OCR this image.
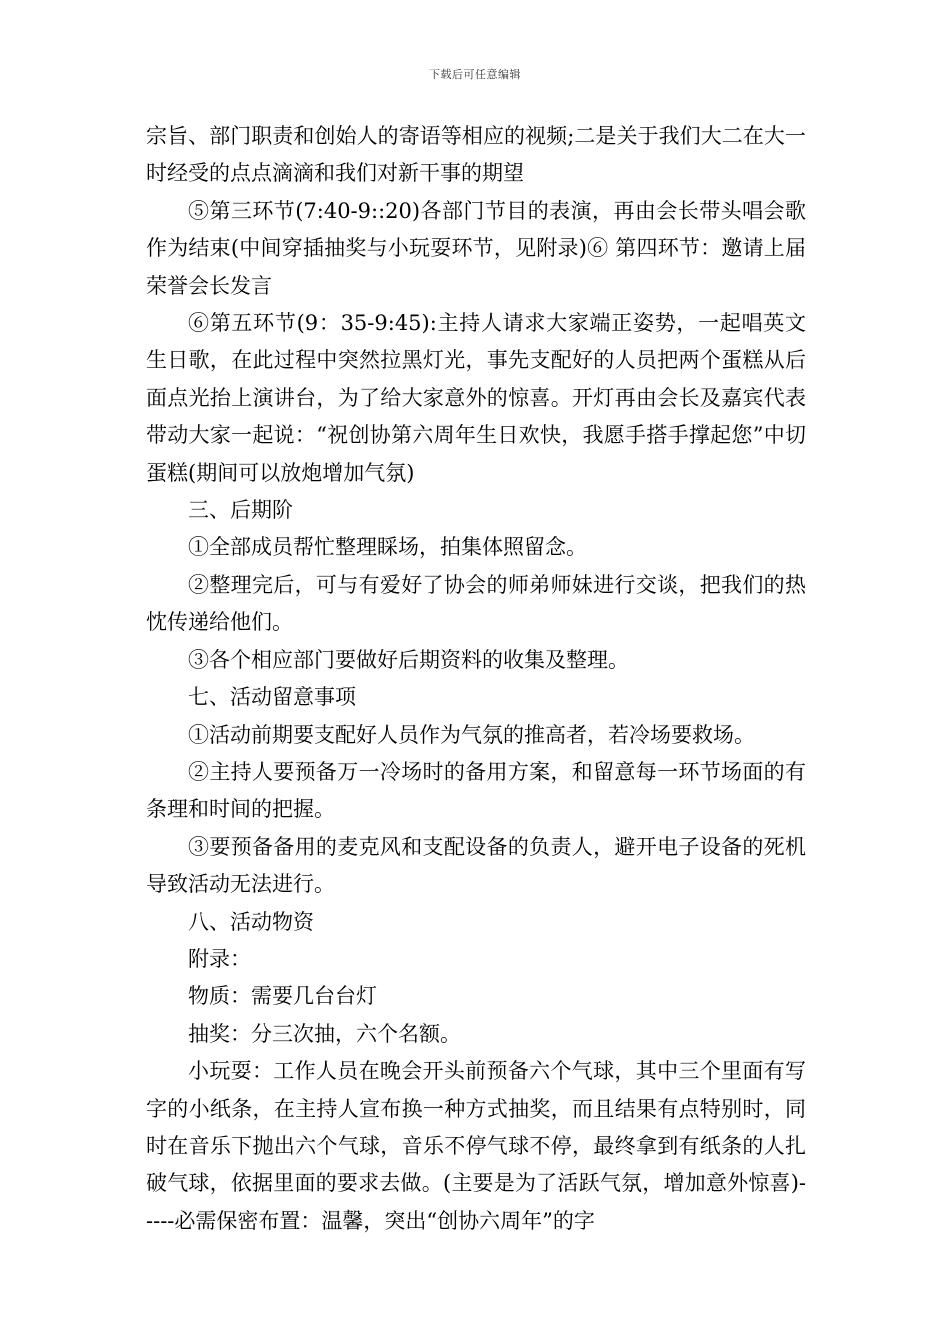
下载后可任意编辑

宗旨、部门职责和创始人的寄语等相应的视频;二是关于我们大二在大一时经受的点点滴滴和我们对新干事的期望

⑤第三环节(7:40-9::20)各部门节目的表演，再由会长带头唱会歌作为结束(中间穿插抽奖与小玩耍环节，见附录)⑥ 第四环节：邀请上届荣誉会长发言

⑥第五环节(9：35-9:45):主持人请求大家端正姿势，一起唱英文生日歌，在此过程中突然拉黑灯光，事先支配好的人员把两个蛋糕从后面点光抬上演讲台，为了给大家意外的惊喜。开灯再由会长及嘉宾代表带动大家一起说：“祝创协第六周年生日欢快，我愿手搭手撑起您”中切蛋糕(期间可以放炮增加气氛)

三、后期阶

①全部成员帮忙整理睬场，拍集体照留念。

②整理完后，可与有爱好了协会的师弟师妹进行交谈，把我们的热忱传递给他们。

③各个相应部门要做好后期资料的收集及整理。

七、活动留意事项

①活动前期要支配好人员作为气氛的推高者，若冷场要救场。

②主持人要预备万一冷场时的备用方案，和留意每一环节场面的有条理和时间的把握。

③要预备备用的麦克风和支配设备的负责人，避开电子设备的死机导致活动无法进行。

八、活动物资

附录：

物质：需要几台台灯

抽奖：分三次抽，六个名额。

小玩耍：工作人员在晚会开头前预备六个气球，其中三个里面有写字的小纸条，在主持人宣布换一种方式抽奖，而且结果有点特别时，同时在音乐下抛出六个气球，音乐不停气球不停，最终拿到有纸条的人扎破气球，依据里面的要求去做。(主要是为了活跃气氛，增加意外惊喜)-----必需保密布置：温馨，突出“创协六周年”的字
